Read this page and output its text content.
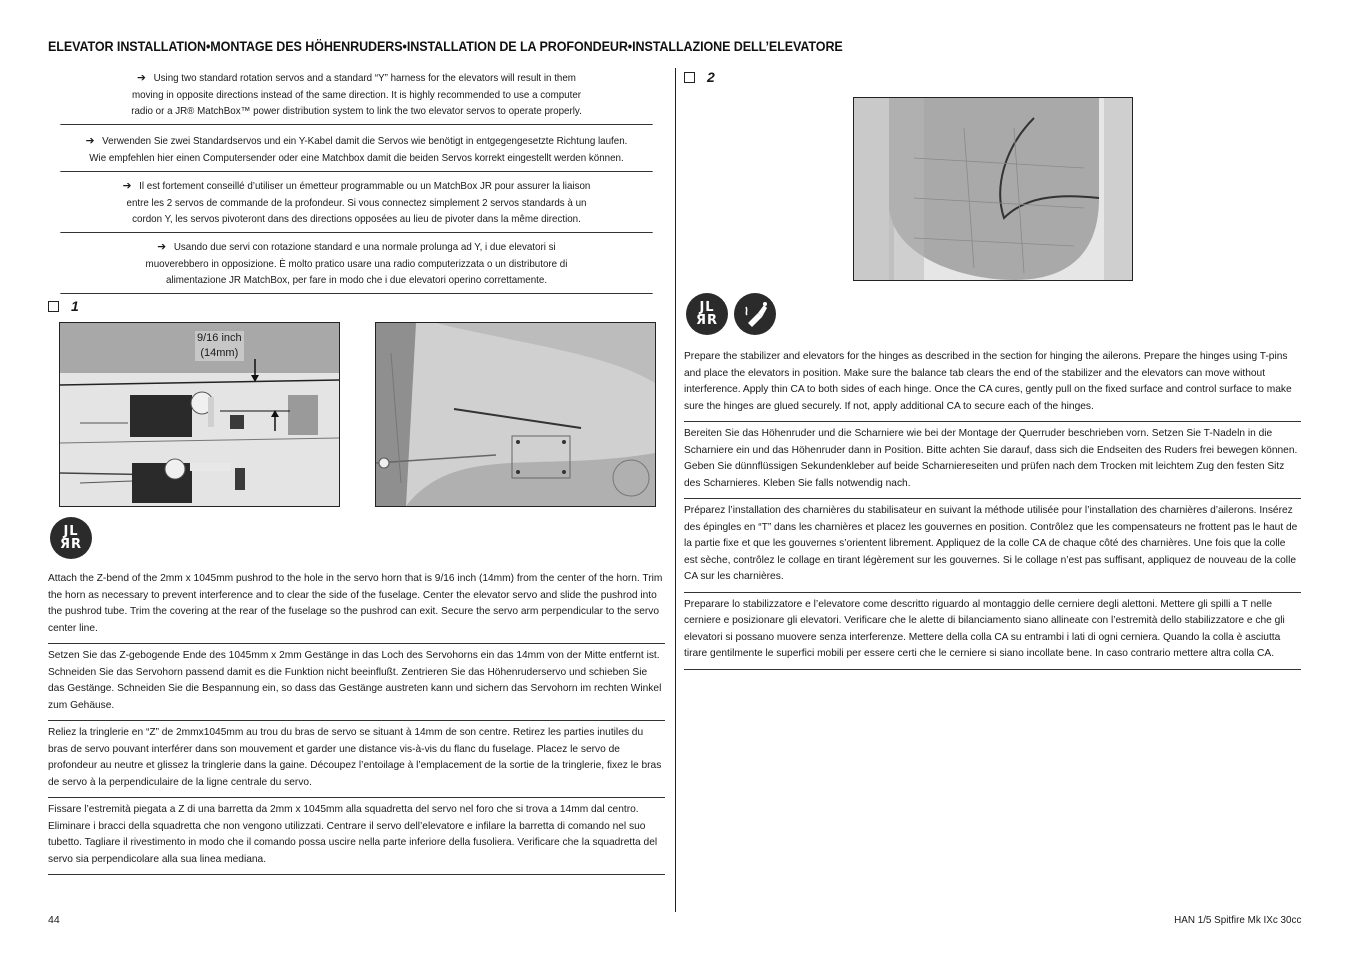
ELEVATOR INSTALLATION•MONTAGE DES HÖHENRUDERS•INSTALLATION DE LA PROFONDEUR•INSTALLAZIONE DELL’ELEVATORE
➔ Using two standard rotation servos and a standard “Y” harness for the elevators will result in them
moving in opposite directions instead of the same direction. It is highly recommended to use a computer
radio or a JR® MatchBox™ power distribution system to link the two elevator servos to operate properly.
➔ Verwenden Sie zwei Standardservos und ein Y-Kabel damit die Servos wie benötigt in entgegengesetzte Richtung laufen.
Wie empfehlen hier einen Computersender oder eine Matchbox damit die beiden Servos korrekt eingestellt werden können.
➔ Il est fortement conseillé d’utiliser un émetteur programmable ou un MatchBox JR pour assurer la liaison
entre les 2 servos de commande de la profondeur. Si vous connectez simplement 2 servos standards à un
cordon Y, les servos pivoteront dans des directions opposées au lieu de pivoter dans la même direction.
➔ Usando due servi con rotazione standard e una normale prolunga ad Y, i due elevatori si
muoverebbero in opposizione. È molto pratico usare una radio computerizzata o un distributore di
alimentazione JR MatchBox, per fare in modo che i due elevatori operino correttamente.
1
9/16 inch
(14mm)
JL
ЯR
Attach the Z-bend of the 2mm x 1045mm pushrod to the hole in the servo horn that is 9/16 inch (14mm) from the center of the horn. Trim the horn as necessary to prevent interference and to clear the side of the fuselage. Center the elevator servo and slide the pushrod into the pushrod tube. Trim the covering at the rear of the fuselage so the pushrod can exit. Secure the servo arm perpendicular to the servo center line.
Setzen Sie das Z-gebogende Ende des 1045mm x 2mm Gestänge in das Loch des Servohorns ein das 14mm von der Mitte entfernt ist. Schneiden Sie das Servohorn passend damit es die Funktion nicht beeinflußt. Zentrieren Sie das Höhenruderservo und schieben Sie das Gestänge. Schneiden Sie die Bespannung ein, so dass das Gestänge austreten kann und sichern das Servohorn im rechten Winkel zum Gehäuse.
Reliez la tringlerie en “Z” de 2mmx1045mm au trou du bras de servo se situant à 14mm de son centre. Retirez les parties inutiles du bras de servo pouvant interférer dans son mouvement et garder une distance vis-à-vis du flanc du fuselage. Placez le servo de profondeur au neutre et glissez la tringlerie dans la gaine. Découpez l’entoilage à l’emplacement de la sortie de la tringlerie, fixez le bras de servo à la perpendiculaire de la ligne centrale du servo.
Fissare l’estremità piegata a Z di una barretta da 2mm x 1045mm alla squadretta del servo nel foro che si trova a 14mm dal centro. Eliminare i bracci della squadretta che non vengono utilizzati. Centrare il servo dell’elevatore e infilare la barretta di comando nel suo tubetto. Tagliare il rivestimento in modo che il comando possa uscire nella parte inferiore della fusoliera. Verificare che la squadretta del servo sia perpendicolare alla sua linea mediana.
2
JL
ЯR
Prepare the stabilizer and elevators for the hinges as described in the section for hinging the ailerons. Prepare the hinges using T-pins and place the elevators in position. Make sure the balance tab clears the end of the stabilizer and the elevators can move without interference. Apply thin CA to both sides of each hinge. Once the CA cures, gently pull on the fixed surface and control surface to make sure the hinges are glued securely. If not, apply additional CA to secure each of the hinges.
Bereiten Sie das Höhenruder und die Scharniere wie bei der Montage der Querruder beschrieben vorn. Setzen Sie T-Nadeln in die Scharniere ein und das Höhenruder dann in Position. Bitte achten Sie darauf, dass sich die Endseiten des Ruders frei bewegen können. Geben Sie dünnflüssigen Sekundenkleber auf beide Scharniereseiten und prüfen nach dem Trocken mit leichtem Zug den festen Sitz des Scharnieres. Kleben Sie falls notwendig nach.
Préparez l’installation des charnières du stabilisateur en suivant la méthode utilisée pour l’installation des charnières d’ailerons. Insérez des épingles en “T” dans les charnières et placez les gouvernes en position. Contrôlez que les compensateurs ne frottent pas le haut de la partie fixe et que les gouvernes s’orientent librement. Appliquez de la colle CA de chaque côté des charnières. Une fois que la colle est sèche, contrôlez le collage en tirant légèrement sur les gouvernes. Si le collage n’est pas suffisant, appliquez de nouveau de la colle CA sur les charnières.
Preparare lo stabilizzatore e l’elevatore come descritto riguardo al montaggio delle cerniere degli alettoni. Mettere gli spilli a T nelle cerniere e posizionare gli elevatori. Verificare che le alette di bilanciamento siano allineate con l’estremità dello stabilizzatore e che gli elevatori si possano muovere senza interferenze. Mettere della colla CA su entrambi i lati di ogni cerniera. Quando la colla è asciutta tirare gentilmente le superfici mobili per essere certi che le cerniere si siano incollate bene. In caso contrario mettere altra colla CA.
44	HAN 1/5 Spitfire Mk IXc 30cc
